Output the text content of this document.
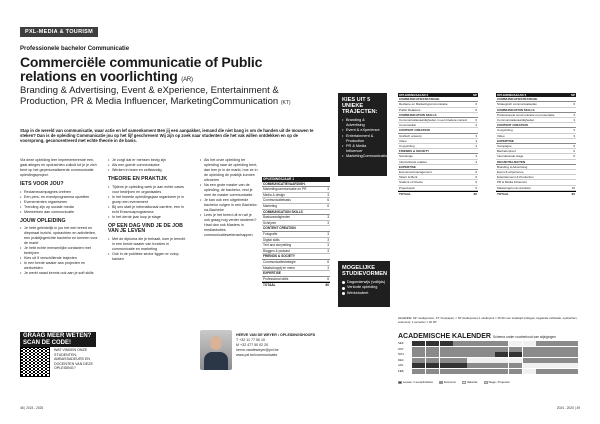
PXL-MEDIA & TOURISM
Professionele bachelor Communicatie
Commerciële communicatie of Public relations en voorlichting (AR)
Branding & Advertising, Event & eXperience, Entertainment & Production, PR & Media Influencer, MarketingCommunication (KT)
Stap in de wereld van communicatie, waar actie en lef samenkomen! Ben jij een aanpakker, iemand die niet bang is om de handen uit de mouwen te steken? Dan is de opleiding Communicatie jou op het lijf geschreven! Wij zijn op zoek naar studenten die het vak willen ontdekken en op de voorsprong, geconcentreerd met echte theorie in de basis.

Via deze opleiding leer impementerende een, gaat atleges en opdrachten zulkult tot je je zich bent op het gepersonaliseerde communicatie opleidingsproject.

IETS VOOR JOU?
• Reclamecampagnes creëren
• Een pers- en eventprogramma opzetten
• Evenementen organiseren
• Trending zijn op sociale media
• Meewerken aan communicatie
JOUW OPLEIDING
• Je hebt geleidelijk in jou het een breed en diepmaat inzicht- opdrachten en activiteiten, een praktijkgerichte bachelor en kennen voor de markt
• Je hebt echte mensenlijke contacten met bedrijven
• Kies uit 5 verschillende trajecten
• In een brede waaier aan projecten en werkvelden
• Je werkt naast kennis ook aan je soft skills
• Je zorgt dat er mensen bezig zijn
• Als een goede communicator
• Werken in team en zelfstandig
THEORIE EN PRAKTIJK
• Tijdens je opleiding werk je aan echte cases voor bedrijven en organisaties
• In het tweede opleidingsjaar organiseer je in groep een evenement
• Bij ons start je internationaal carrière, een in echt Erasmusprogramma
• In het derde jaar loop je stage
OP EEN DAG VIND JE DE JOB VAN JE LEVEN
• Met de diploma die je behaalt, kom je terecht in een brede waaier van functies in communicatie en marketing
• Ook in de publieke sector liggen er volop kansen
• Als het onze opleiding ter opleiding naar de opleiding bent, dan ben je in de markt, hoe ze in de opleiding de praktijk kunnen uitvoeren
• Na een grote master van de opleiding, de bachelor, vind je mee de master communicatie
• Je kan ook een uitgebreide bachelor volgen in een Bachelor-na-Bachelor
• Lees je het breed uit en wil je ook graag nog verder studeren? Haal dan ook Masters in mediastudies communicatiewetenschappen
OPLEIDINGSJAAR 1
COMMUNICATIEVAARDIGH.
Marketingcommunicatie en PR	3
Media & design	3
Communicatiebasis	6
Marketing	6
COMMUNICATION SKILLS
Basisvaardigheden	3
Schrijven	3
CONTENT CREATION
Fotografie	3
Digital skills	3
Text and storytelling	3
Bloggen & podcast	3
FRIENDS & SOCIETY
Communicatiestrategie	6
Maatschappij en mens	3
EXPERTISE
Professional skills	6
TOTAAL	60
KIES UIT 5 UNIEKE TRAJECTEN:
• Branding & Advertising
• Event & eXperience
• Entertainment & Production
• PR & Media Influencer
• MarketingCommunication
MOGELIJKE STUDIEVORMEN
Dagonderwijs (voltijds)
Verkorte opleiding
Werkstudent
OPLEIDINGSJAAR 2	SP
COMMUNICATIESTRATEGIE
Reclame en Marketingcommunicatie	6
Public Relations	6
COMMUNICATION SKILLS
Communicatievaardigheden in een bredere context	6
Crossmedial	3
CONTENT CREATION
Grafisch ontwerp	3
Video	3
Copywriting	3
FRIENDS & SOCIETY
Sociologie	3
Interculturele relaties	3
EXPERTISE
Evenementmanagement	6
Talent & Merk	6
Student of Choice	6
Projectwerk	6
TOTAAL	60
OPLEIDINGSJAAR 3	SP
COMMUNICATIESTRATEGIE
Strategisch communicatieplan	6
COMMUNICATION SKILLS
Professionele communicatie en presentatie	3
Communicatievaardigheden	3
CONTENT CREATION
Copywriting	3
Video	3
EXPERTISE
Campagne	6
Bachelorproef	6
Internationale stage	6
KEUZETRAJECTEN
Branding & Advertising
Event & eXperience
Entertainment & Production
PR & Media Influencer
MarketingCommunication	15
TOTAAL	60
LEGENDE: SP: studiepunten, KT: Kuulpapier, = SP studiepunten 1 studiepunt = 25-30 uren studietijd (colleges, begeleide zelfstudie, opdrachten, examens); 1 semester = 30 SP
ACADEMISCHE KALENDER Schema onder voorbehoud van wijzigingen
SEP
OKT
NOV
DEC
JAN
FEB
Lessen / Leeractiviteiten	Examens	Vakantie	Stage / Projecten
GRAAG MEER WETEN? SCAN DE CODE!
WAT VINDEN ONZE STUDENTEN, AMBASSADEURS EN DOCENTEN VAN DEZE OPLEIDING?
HERVE VAN DE WEYER • OPLEIDINGSHOOFD
T +32 11 77 50 10
M +32 477 50 02 20
herve.vandeweyer@pxl.be
www.pxl.be/communicatie
48 | 2024 - 2025	2024 - 2025 | 49
